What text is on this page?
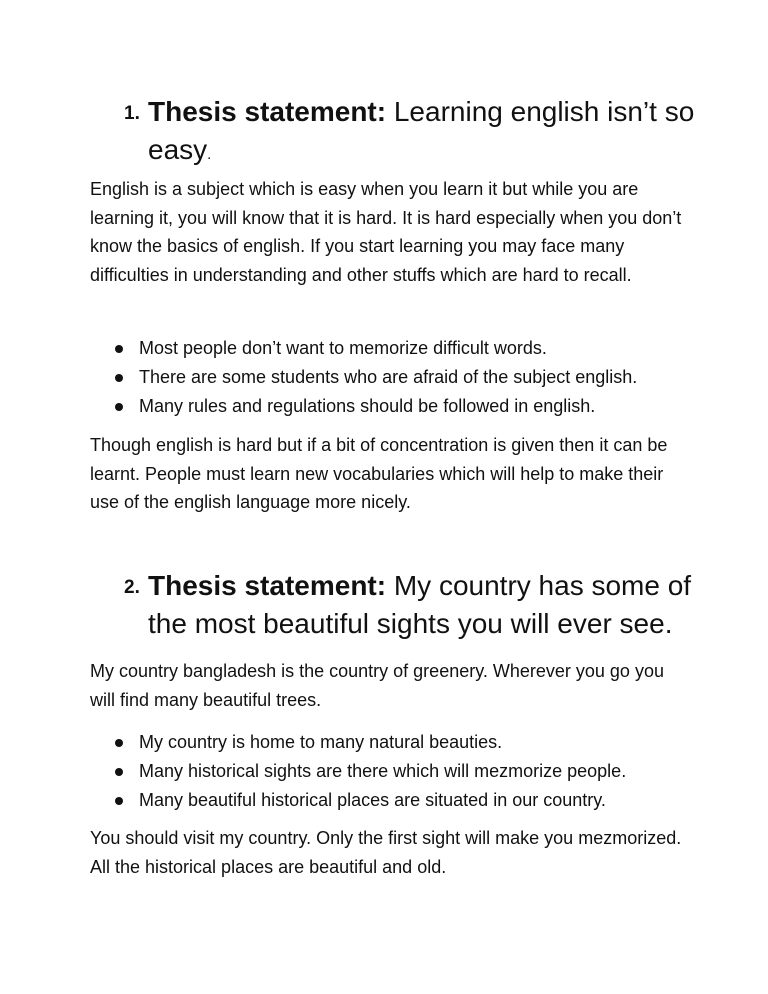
1. Thesis statement: Learning english isn’t so easy.

English is a subject which is easy when you learn it but while you are learning it, you will know that it is hard. It is hard especially when you don’t know the basics of english. If you start learning you may face many difficulties in understanding and other stuffs which are hard to recall.

Most people don’t want to memorize difficult words.
There are some students who are afraid of the subject english.
Many rules and regulations should be followed in english.

Though english is hard but if a bit of concentration is given then it can be learnt. People must learn new vocabularies which will help to make their use of the english language more nicely.

2. Thesis statement: My country has some of the most beautiful sights you will ever see.

My country bangladesh is the country of greenery. Wherever you go you will find many beautiful trees.

My country is home to many natural beauties.
Many historical sights are there which will mezmorize people.
Many beautiful historical places are situated in our country.

You should visit my country. Only the first sight will make you mezmorized. All the historical places are beautiful and old.
